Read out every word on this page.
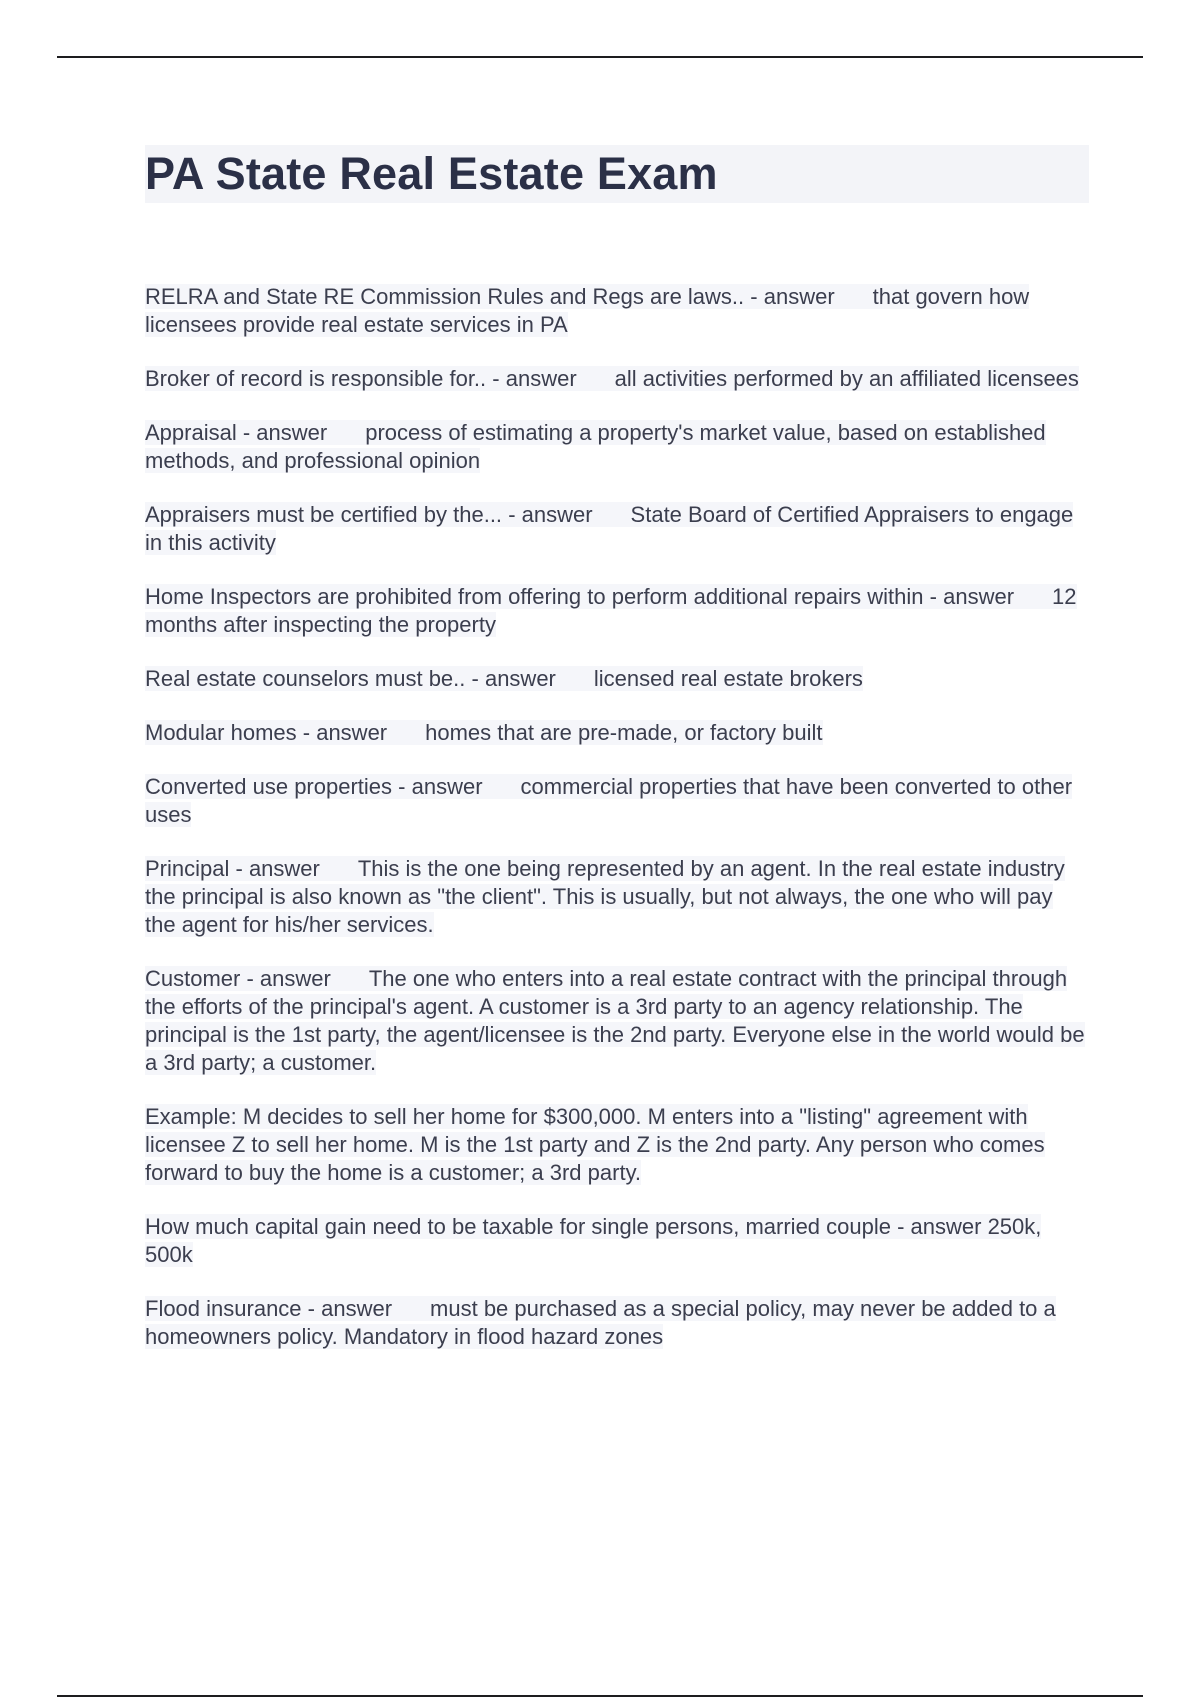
PA State Real Estate Exam

RELRA and State RE Commission Rules and Regs are laws.. - answer that govern how licensees provide real estate services in PA

Broker of record is responsible for.. - answer all activities performed by an affiliated licensees

Appraisal - answer process of estimating a property's market value, based on established methods, and professional opinion

Appraisers must be certified by the... - answer State Board of Certified Appraisers to engage in this activity

Home Inspectors are prohibited from offering to perform additional repairs within - answer 12 months after inspecting the property

Real estate counselors must be.. - answer licensed real estate brokers

Modular homes - answer homes that are pre-made, or factory built

Converted use properties - answer commercial properties that have been converted to other uses

Principal - answer This is the one being represented by an agent. In the real estate industry the principal is also known as "the client". This is usually, but not always, the one who will pay the agent for his/her services.

Customer - answer The one who enters into a real estate contract with the principal through the efforts of the principal's agent. A customer is a 3rd party to an agency relationship. The principal is the 1st party, the agent/licensee is the 2nd party. Everyone else in the world would be a 3rd party; a customer.

Example: M decides to sell her home for $300,000. M enters into a "listing" agreement with licensee Z to sell her home. M is the 1st party and Z is the 2nd party. Any person who comes forward to buy the home is a customer; a 3rd party.

How much capital gain need to be taxable for single persons, married couple - answer 250k, 500k

Flood insurance - answer must be purchased as a special policy, may never be added to a homeowners policy. Mandatory in flood hazard zones
